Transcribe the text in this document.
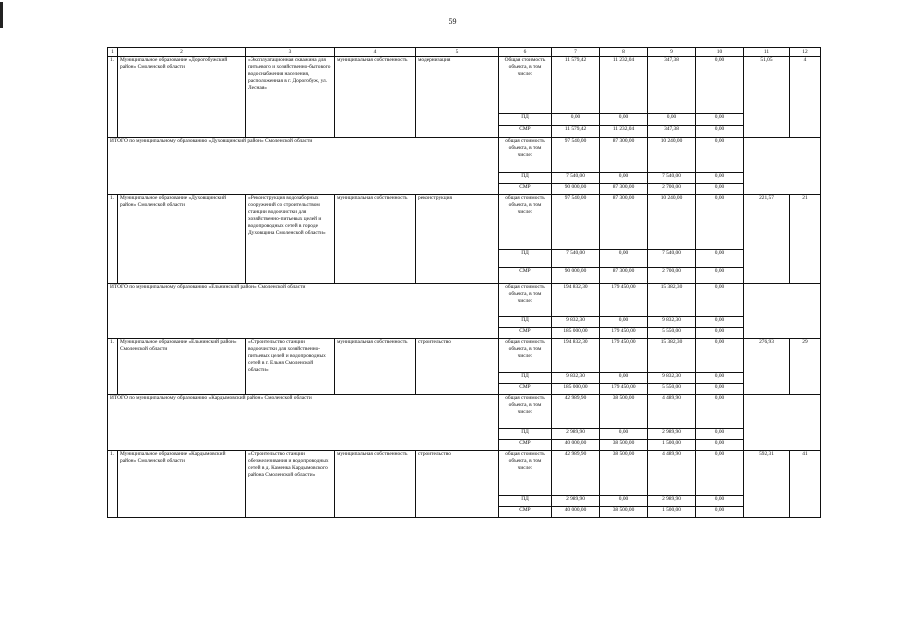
59
1	2	3	4	5	6	7	8	9	10	11	12
1.	Муниципальное образование «Дорогобужский район» Смоленской области	«Эксплуатационная скважина для питьевого и хозяйственно-бытового водоснабжения населения, расположенная в г. Дорогобуж, ул. Лесная»	муниципальная собственность	модернизация	Общая стоимость объекта, в том числе:	11 579,42	11 232,04	347,38	0,00	51,05	4
					ПД	0,00	0,00	0,00	0,00		
					СМР	11 579,42	11 232,04	347,38	0,00		
ИТОГО по муниципальному образованию «Духовщинский район» Смоленской области					общая стоимость объекта, в том числе:	97 540,00	87 300,00	10 240,00	0,00		
					ПД	7 540,00	0,00	7 540,00	0,00		
					СМР	90 000,00	87 300,00	2 700,00	0,00		
1.	Муниципальное образование «Духовщинский район» Смоленской области	«Реконструкция водозаборных сооружений со строительством станции водоочистки для хозяйственно-питьевых целей и водопроводных сетей в городе Духовщина Смоленской области»	муниципальная собственность	реконструкция	общая стоимость объекта, в том числе:	97 540,00	87 300,00	10 240,00	0,00	221,57	21
					ПД	7 540,00	0,00	7 540,00	0,00		
					СМР	90 000,00	87 300,00	2 700,00	0,00		
ИТОГО по муниципальному образованию «Ельнинский район» Смоленской области					общая стоимость объекта, в том числе:	194 832,30	179 450,00	15 382,30	0,00		
					ПД	9 832,30	0,00	9 832,30	0,00		
					СМР	185 000,00	179 450,00	5 550,00	0,00		
1.	Муниципальное образование «Ельнинский район» Смоленской области	«Строительство станции водоочистки для хозяйственно-питьевых целей и водопроводных сетей в г. Ельня Смоленской области»	муниципальная собственность	строительство	общая стоимость объекта, в том числе:	194 832,30	179 450,00	15 382,30	0,00	276,93	29
					ПД	9 832,30	0,00	9 832,30	0,00		
					СМР	185 000,00	179 450,00	5 550,00	0,00		
ИТОГО по муниципальному образованию «Кардымовский район» Смоленской области					общая стоимость объекта, в том числе:	42 989,90	38 500,00	4 489,90	0,00		
					ПД	2 989,90	0,00	2 989,90	0,00		
					СМР	40 000,00	38 500,00	1 500,00	0,00		
1.	Муниципальное образование «Кардымовский район» Смоленской области	«Строительство станции обезжелезивания и водопроводных сетей в д. Каменка Кардымовского района Смоленской области»	муниципальная собственность	строительство	общая стоимость объекта, в том числе:	42 989,90	38 500,00	4 489,90	0,00	592,31	41
					ПД	2 989,90	0,00	2 989,90	0,00		
					СМР	40 000,00	38 500,00	1 500,00	0,00		
